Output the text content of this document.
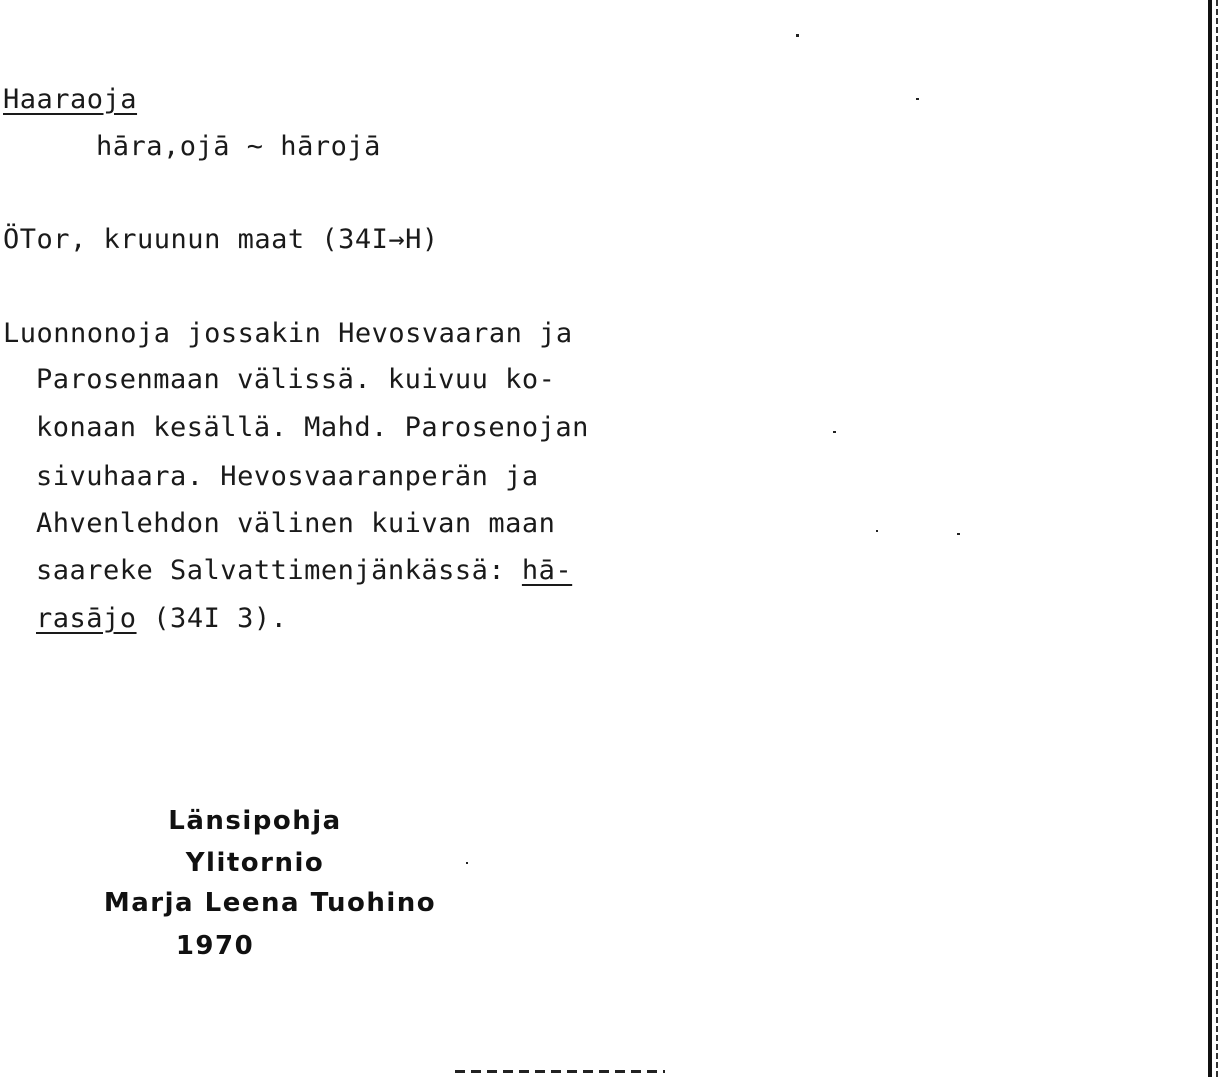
Haaraoja
hāra,ojā ~ hārojā
ÖTor, kruunun maat (34I→H)
Luonnonoja jossakin Hevosvaaran ja
Parosenmaan välissä. kuivuu ko-
konaan kesällä. Mahd. Parosenojan
sivuhaara. Hevosvaaranperän ja
Ahvenlehdon välinen kuivan maan
saareke Salvattimenjänkässä: hā-
rasājo (34I 3).
Länsipohja
Ylitornio
Marja Leena Tuohino
1970
